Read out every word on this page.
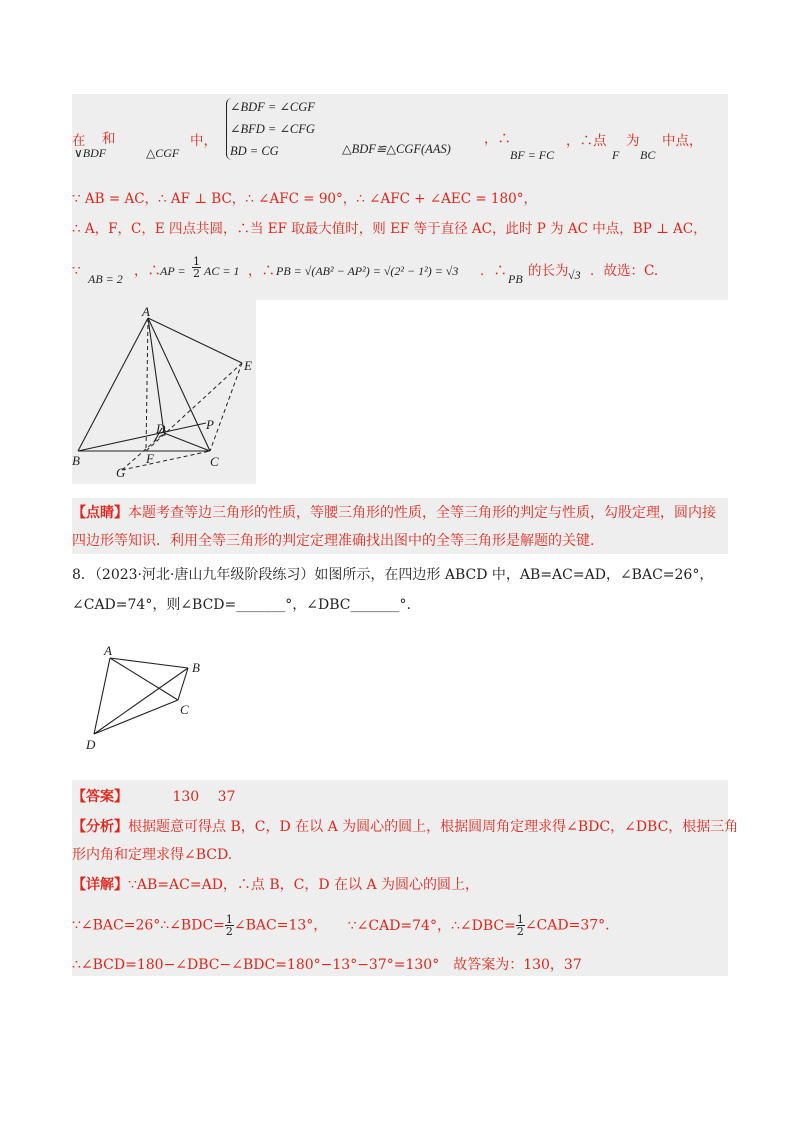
在
∨BDF
和
△CGF
中，
∠BDF = ∠CGF
∠BFD = ∠CFG
BD = CG	△BDF≌△CGF(AAS)
，∴
BF = FC
，∴点 为
F BC
中点，
∵ AB = AC，∴ AF ⊥ BC，∴ ∠AFC = 90°，∴ ∠AFC + ∠AEC = 180°，
∴ A，F，C，E 四点共圆，∴当 EF 取最大值时，则 EF 等于直径 AC，此时 P 为 AC 中点，BP ⊥ AC，
∵ AB = 2 ，∴ AP = $\frac{1}{2}$ AC = 1 ，∴ PB = √(AB² − AP²) = √(2² − 1²) = √3 ．∴ PB 的长为 √3 ．故选：C.
A
B	C
D
E
F
G
P
【点睛】本题考查等边三角形的性质，等腰三角形的性质，全等三角形的判定与性质，勾股定理，圆内接
四边形等知识．利用全等三角形的判定定理准确找出图中的全等三角形是解题的关键.
8．（2023·河北·唐山九年级阶段练习）如图所示，在四边形 ABCD 中，AB=AC=AD，∠BAC=26°，
∠CAD=74°，则∠BCD=_______°，∠DBC_______°.
A
B
C
D
【答案】	130 37
【分析】根据题意可得点 B，C，D 在以 A 为圆心的圆上，根据圆周角定理求得∠BDC，∠DBC，根据三角
形内角和定理求得∠BCD.
【详解】∵AB=AC=AD，∴点 B，C，D 在以 A 为圆心的圆上，
∵∠BAC=26°∴∠BDC= $\frac{1}{2}$ ∠BAC=13°， ∵∠CAD=74°，∴∠DBC= $\frac{1}{2}$ ∠CAD=37°.
∴∠BCD=180−∠DBC−∠BDC=180°−13°−37°=130°　故答案为：130，37
